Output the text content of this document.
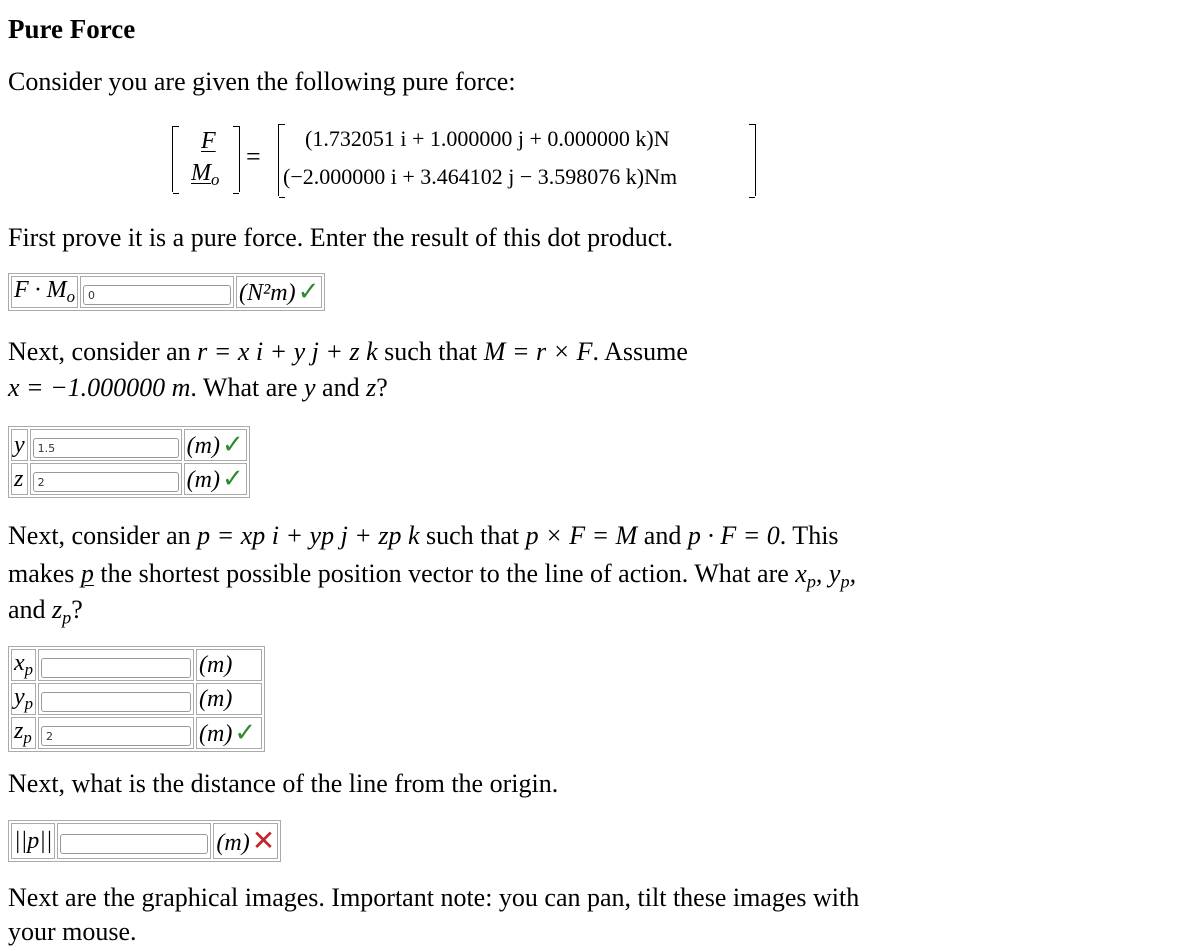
Pure Force
Consider you are given the following pure force:
F
$M_o$
=
(1.732051 i + 1.000000 j + 0.000000 k)N
(−2.000000 i + 3.464102 j − 3.598076 k)Nm
First prove it is a pure force. Enter the result of this dot product.
$F \cdot M_o$	0	(N²m)✓
Next, consider an r = x i + y j + z k such that M = r × F. Assume
x = −1.000000 m. What are y and z?
y	1.5	(m)✓
z	2	(m)✓
Next, consider an p = xp i + yp j + zp k such that p × F = M and p · F = 0. This
makes p the shortest possible position vector to the line of action. What are $x_p$, $y_p$,
and $z_p$?
$x_p$		(m)
$y_p$		(m)
$z_p$	2	(m)✓
Next, what is the distance of the line from the origin.
||p||		(m)✕
Next are the graphical images. Important note: you can pan, tilt these images with
your mouse.
